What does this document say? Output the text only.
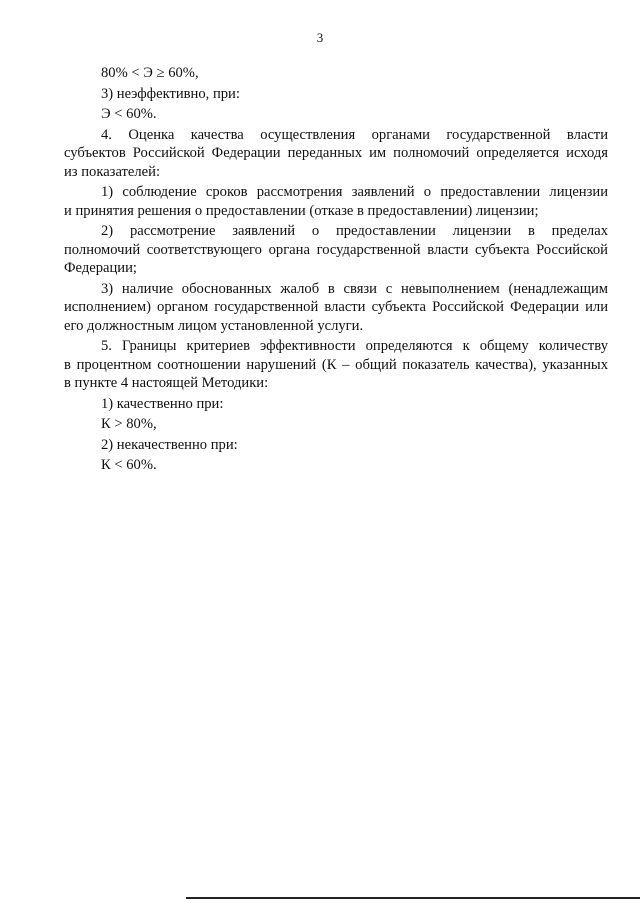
3
80% < Э ≥ 60%,
3) неэффективно, при:
Э < 60%.
4. Оценка качества осуществления органами государственной власти
субъектов Российской Федерации переданных им полномочий определяется исходя
из показателей:
1) соблюдение сроков рассмотрения заявлений о предоставлении лицензии
и принятия решения о предоставлении (отказе в предоставлении) лицензии;
2) рассмотрение заявлений о предоставлении лицензии в пределах
полномочий соответствующего органа государственной власти субъекта Российской
Федерации;
3) наличие обоснованных жалоб в связи с невыполнением (ненадлежащим
исполнением) органом государственной власти субъекта Российской Федерации или
его должностным лицом установленной услуги.
5. Границы критериев эффективности определяются к общему количеству
в процентном соотношении нарушений (К – общий показатель качества), указанных
в пункте 4 настоящей Методики:
1) качественно при:
К > 80%,
2) некачественно при:
К < 60%.
